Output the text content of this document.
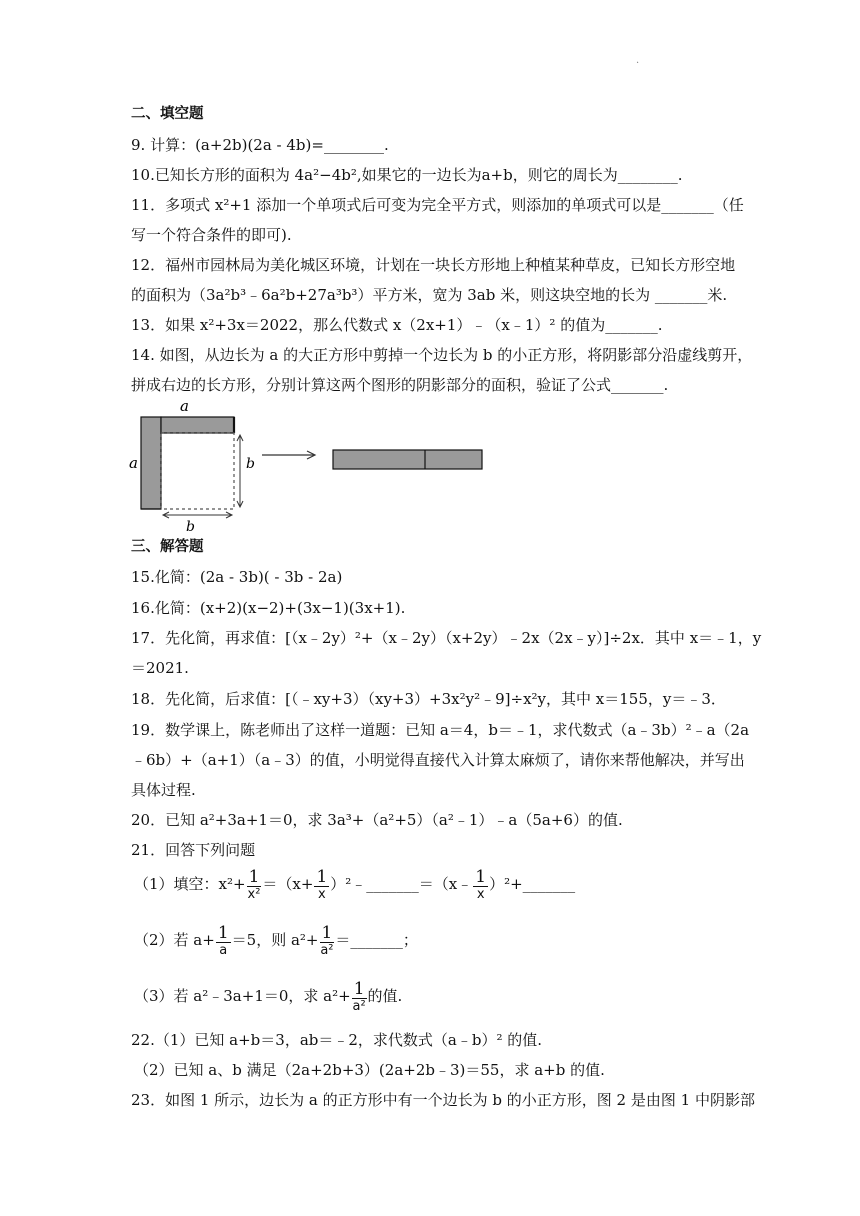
·
二、填空题
9. 计算：(a+2b)(2a - 4b)=________.
10.已知长方形的面积为 4a²−4b²,如果它的一边长为a+b，则它的周长为________.
11．多项式 x²+1 添加一个单项式后可变为完全平方式，则添加的单项式可以是_______（任
写一个符合条件的即可).
12．福州市园林局为美化城区环境，计划在一块长方形地上种植某种草皮，已知长方形空地
的面积为（3a²b³﹣6a²b+27a³b³）平方米，宽为 3ab 米，则这块空地的长为 _______米.
13．如果 x²+3x＝2022，那么代数式 x（2x+1）﹣（x﹣1）² 的值为_______.
14. 如图，从边长为 a 的大正方形中剪掉一个边长为 b 的小正方形，将阴影部分沿虚线剪开，
拼成右边的长方形，分别计算这两个图形的阴影部分的面积，验证了公式_______.
a
a	b
b
三、解答题
15.化简：(2a - 3b)( - 3b - 2a)
16.化简：(x+2)(x−2)+(3x−1)(3x+1).
17．先化简，再求值：[（x﹣2y）²+（x﹣2y）（x+2y）﹣2x（2x﹣y）]÷2x．其中 x＝﹣1，y
＝2021.
18．先化简，后求值：[（﹣xy+3）（xy+3）+3x²y²﹣9]÷x²y，其中 x＝155，y＝﹣3．
19．数学课上，陈老师出了这样一道题：已知 a＝4，b＝﹣1，求代数式（a﹣3b）²﹣a（2a
﹣6b）+（a+1）（a﹣3）的值，小明觉得直接代入计算太麻烦了，请你来帮他解决，并写出
具体过程.
20．已知 a²+3a+1＝0，求 3a³+（a²+5）（a²﹣1）﹣a（5a+6）的值.
21．回答下列问题
（1）填空：$x^2+ \frac{1}{\text{x²}} =(x+ \frac{1}{x}$ ）²﹣_______＝（x﹣ $\frac{1}{x}$ ）²+_______
（2）若 $a+ \frac{1}{a} =5$，则 $a^2+ \frac{1}{\text{a²}}$ ＝_______；
（3）若 a²﹣3a+1＝0，求 $a^2+ \frac{1}{\text{a²}}$ 的值.
22.（1）已知 a+b＝3，ab＝﹣2，求代数式（a﹣b）² 的值.
（2）已知 a、b 满足（2a+2b+3）(2a+2b﹣3)＝55，求 a+b 的值.
23．如图 1 所示，边长为 a 的正方形中有一个边长为 b 的小正方形，图 2 是由图 1 中阴影部
